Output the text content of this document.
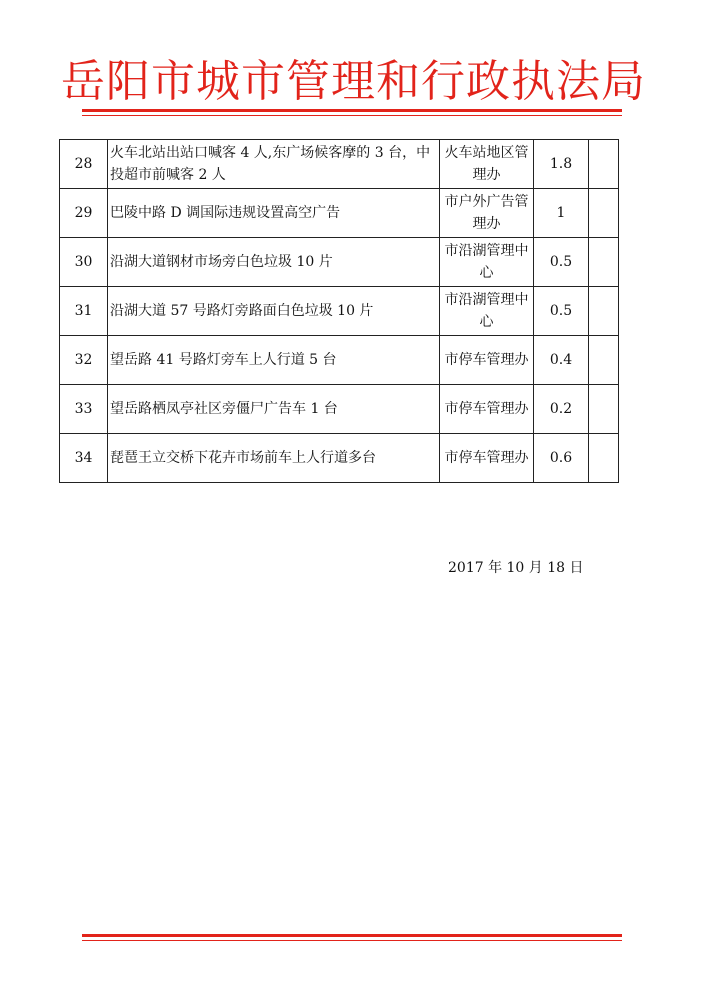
岳阳市城市管理和行政执法局
28	火车北站出站口喊客 4 人,东广场候客摩的 3 台，中投超市前喊客 2 人	火车站地区管理办	1.8	
29	巴陵中路 D 调国际违规设置高空广告	市户外广告管理办	1	
30	沿湖大道钢材市场旁白色垃圾 10 片	市沿湖管理中心	0.5	
31	沿湖大道 57 号路灯旁路面白色垃圾 10 片	市沿湖管理中心	0.5	
32	望岳路 41 号路灯旁车上人行道 5 台	市停车管理办	0.4	
33	望岳路栖凤亭社区旁僵尸广告车 1 台	市停车管理办	0.2	
34	琵琶王立交桥下花卉市场前车上人行道多台	市停车管理办	0.6	
2017 年 10 月 18 日
